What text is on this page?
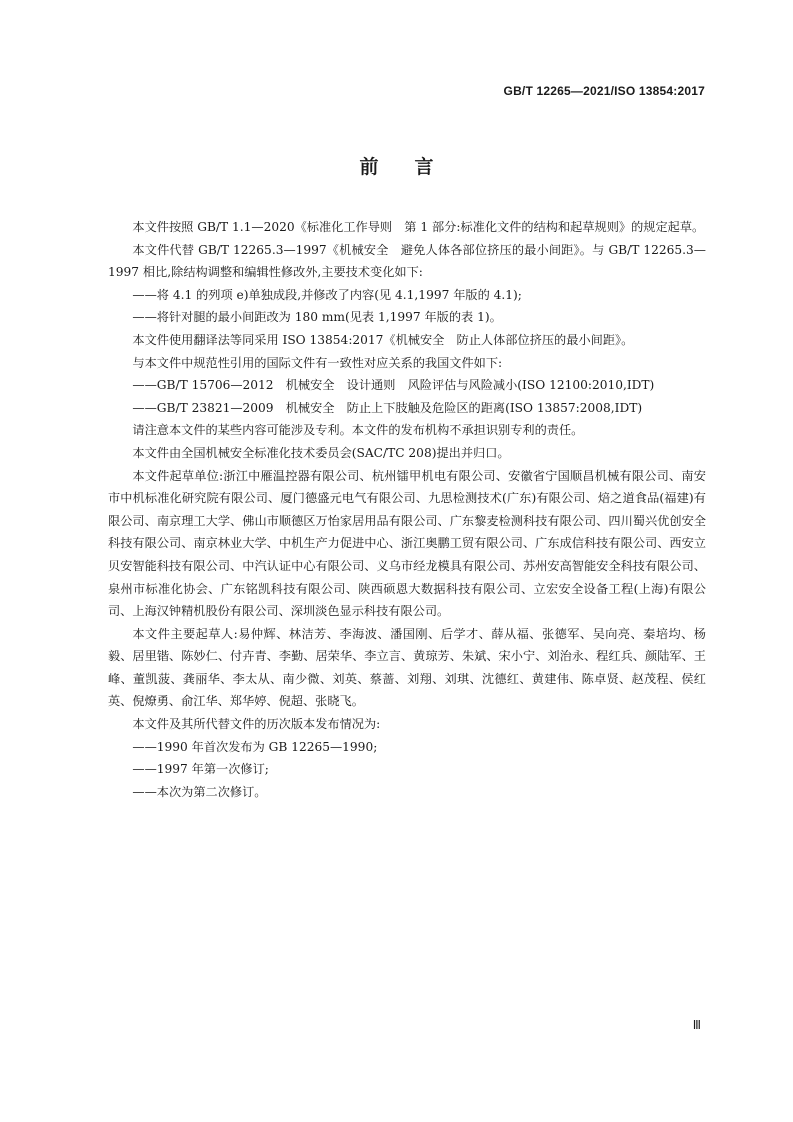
GB/T 12265—2021/ISO 13854:2017
前言

本文件按照 GB/T 1.1—2020《标准化工作导则　第 1 部分:标准化文件的结构和起草规则》的规定起草。

本文件代替 GB/T 12265.3—1997《机械安全　避免人体各部位挤压的最小间距》。与 GB/T 12265.3—1997 相比,除结构调整和编辑性修改外,主要技术变化如下:

——将 4.1 的列项 e)单独成段,并修改了内容(见 4.1,1997 年版的 4.1);

——将针对腿的最小间距改为 180 mm(见表 1,1997 年版的表 1)。

本文件使用翻译法等同采用 ISO 13854:2017《机械安全　防止人体部位挤压的最小间距》。

与本文件中规范性引用的国际文件有一致性对应关系的我国文件如下:

——GB/T 15706—2012　机械安全　设计通则　风险评估与风险减小(ISO 12100:2010,IDT)

——GB/T 23821—2009　机械安全　防止上下肢触及危险区的距离(ISO 13857:2008,IDT)

请注意本文件的某些内容可能涉及专利。本文件的发布机构不承担识别专利的责任。

本文件由全国机械安全标准化技术委员会(SAC/TC 208)提出并归口。

本文件起草单位:浙江中雁温控器有限公司、杭州镭甲机电有限公司、安徽省宁国顺昌机械有限公司、南安市中机标准化研究院有限公司、厦门德盛元电气有限公司、九思检测技术(广东)有限公司、焙之道食品(福建)有限公司、南京理工大学、佛山市顺德区万怡家居用品有限公司、广东黎麦检测科技有限公司、四川蜀兴优创安全科技有限公司、南京林业大学、中机生产力促进中心、浙江奥鹏工贸有限公司、广东成信科技有限公司、西安立贝安智能科技有限公司、中汽认证中心有限公司、义乌市经龙模具有限公司、苏州安高智能安全科技有限公司、泉州市标准化协会、广东铭凯科技有限公司、陕西硕恩大数据科技有限公司、立宏安全设备工程(上海)有限公司、上海汉钟精机股份有限公司、深圳淡色显示科技有限公司。

本文件主要起草人:易仲辉、林洁芳、李海波、潘国刚、后学才、薛从福、张德军、吴向亮、秦培均、杨毅、居里锴、陈妙仁、付卉青、李勤、居荣华、李立言、黄琼芳、朱斌、宋小宁、刘治永、程红兵、颜陆军、王峰、董凯菠、龚丽华、李太从、南少微、刘英、蔡蔷、刘翔、刘琪、沈德红、黄建伟、陈卓贤、赵茂程、侯红英、倪燎勇、俞江华、郑华婷、倪超、张晓飞。

本文件及其所代替文件的历次版本发布情况为:

——1990 年首次发布为 GB 12265—1990;

——1997 年第一次修订;

——本次为第二次修订。

Ⅲ
